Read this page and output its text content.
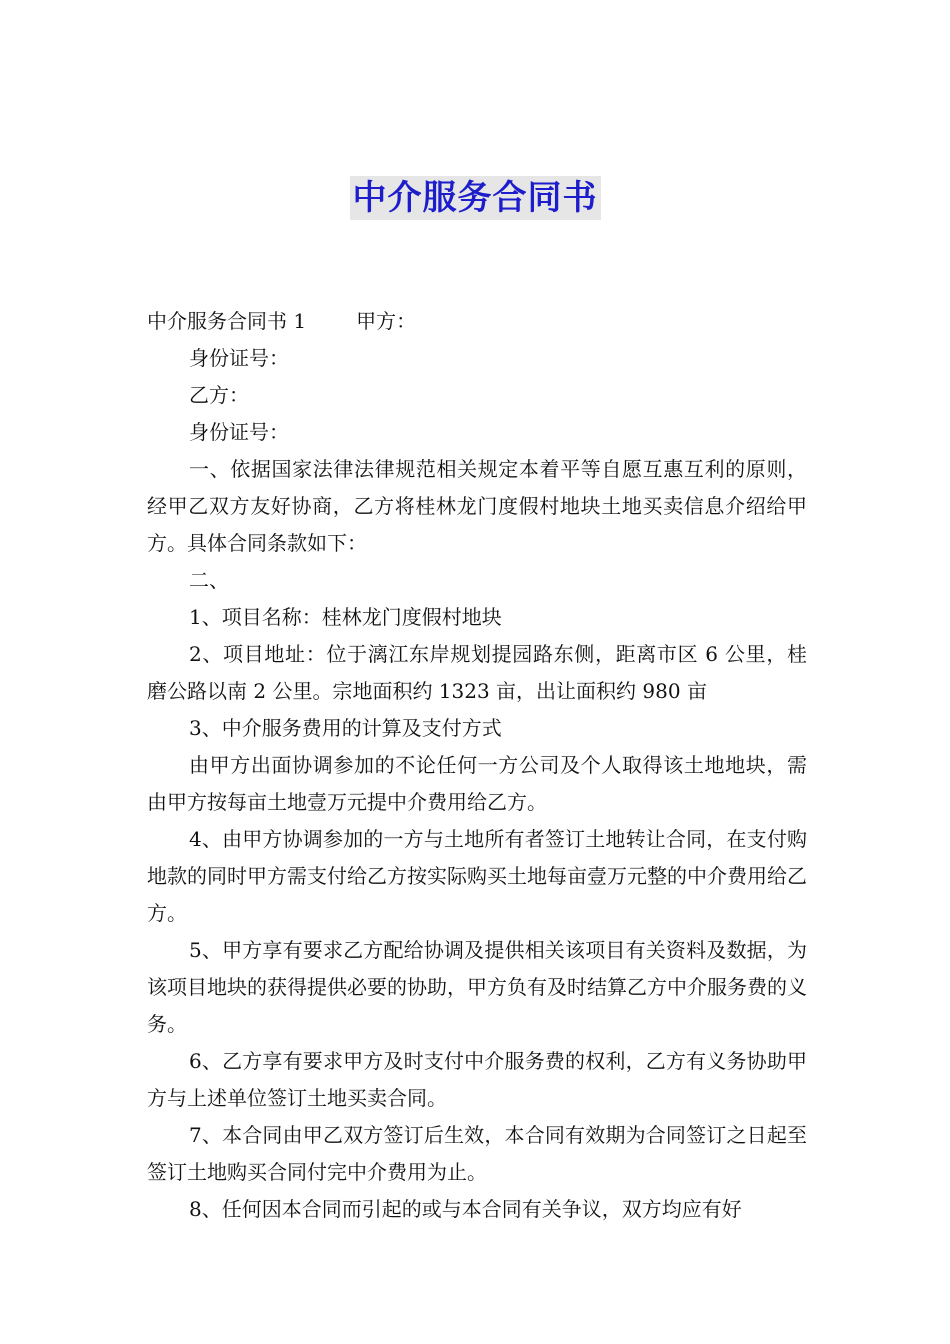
中介服务合同书

中介服务合同书 1	甲方：

身份证号：

乙方：

身份证号：

一、依据国家法律法律规范相关规定本着平等自愿互惠互利的原则，经甲乙双方友好协商，乙方将桂林龙门度假村地块土地买卖信息介绍给甲方。具体合同条款如下：

二、

1、项目名称：桂林龙门度假村地块

2、项目地址：位于漓江东岸规划提园路东侧，距离市区 6 公里，桂磨公路以南 2 公里。宗地面积约 1323 亩，出让面积约 980 亩

3、中介服务费用的计算及支付方式

由甲方出面协调参加的不论任何一方公司及个人取得该土地地块，需由甲方按每亩土地壹万元提中介费用给乙方。

4、由甲方协调参加的一方与土地所有者签订土地转让合同，在支付购地款的同时甲方需支付给乙方按实际购买土地每亩壹万元整的中介费用给乙方。

5、甲方享有要求乙方配给协调及提供相关该项目有关资料及数据，为该项目地块的获得提供必要的协助，甲方负有及时结算乙方中介服务费的义务。

6、乙方享有要求甲方及时支付中介服务费的权利，乙方有义务协助甲方与上述单位签订土地买卖合同。

7、本合同由甲乙双方签订后生效，本合同有效期为合同签订之日起至签订土地购买合同付完中介费用为止。

8、任何因本合同而引起的或与本合同有关争议，双方均应有好
